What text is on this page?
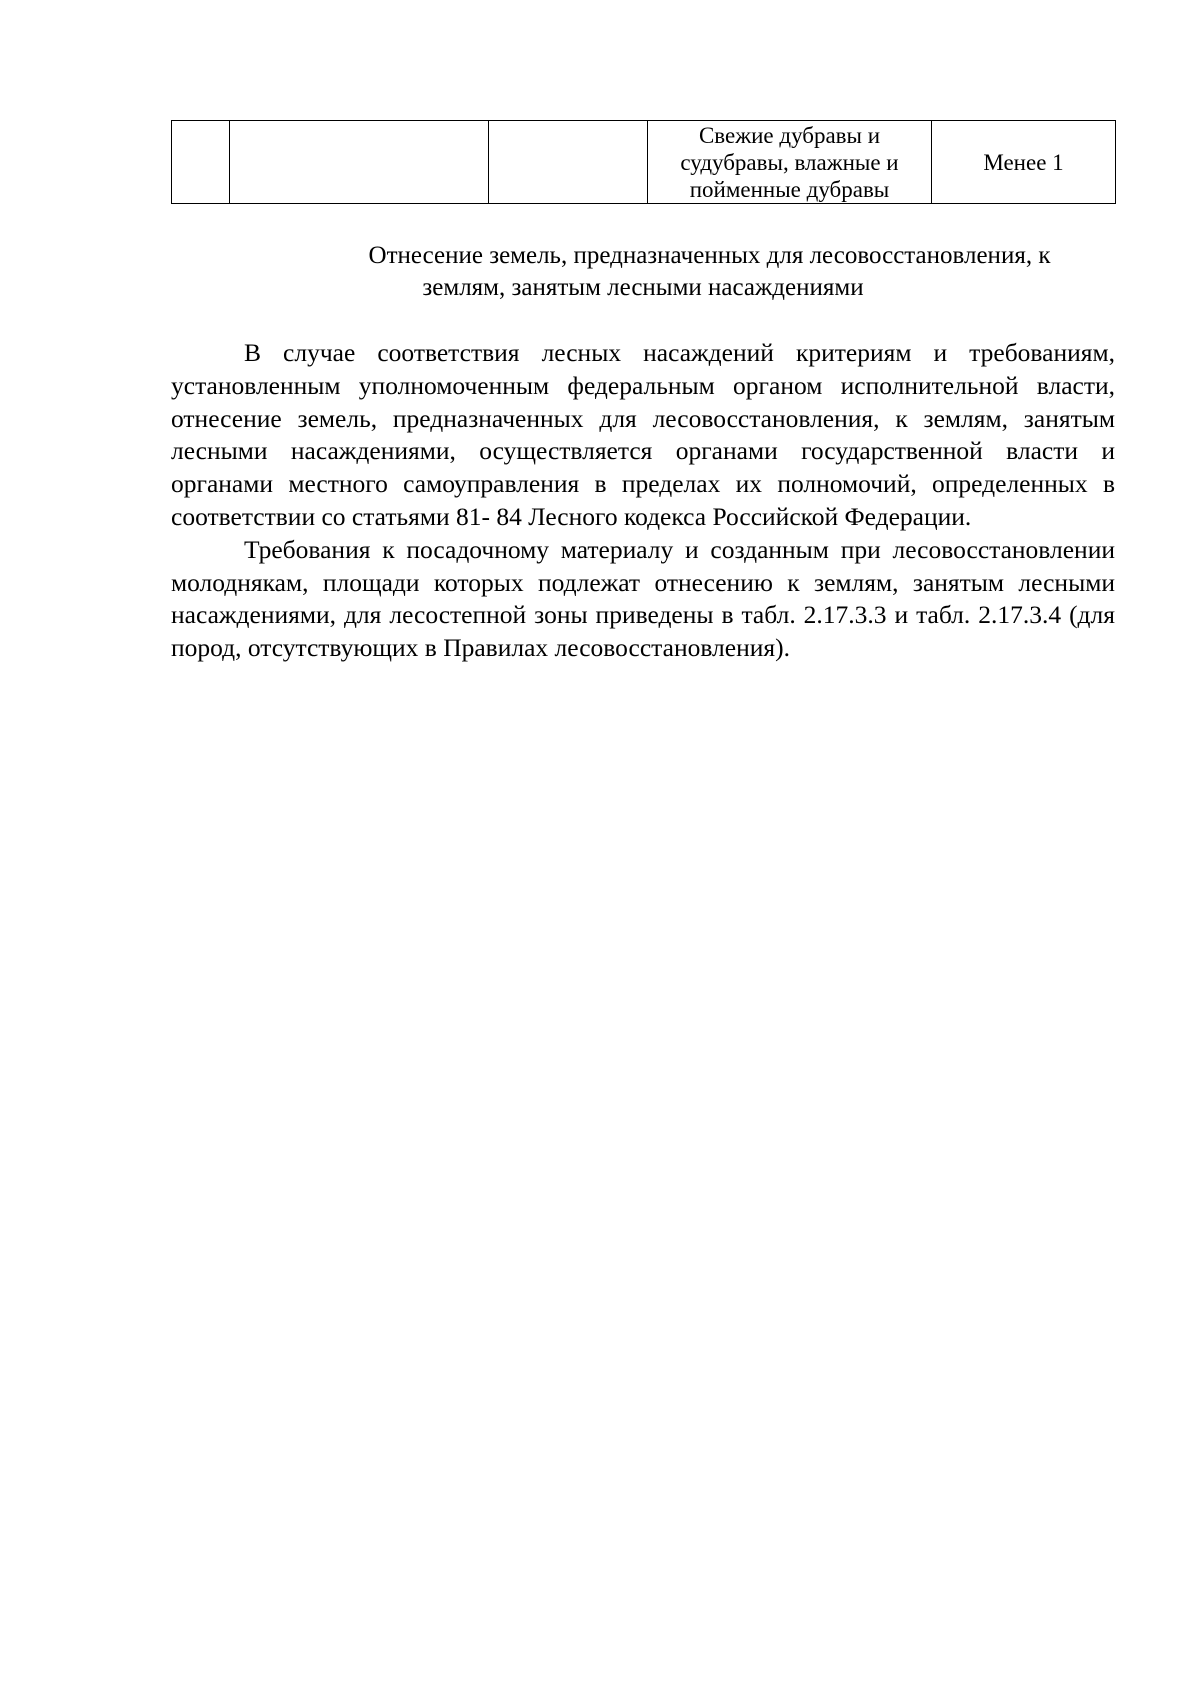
			Свежие дубравы и
судубравы, влажные и
пойменные дубравы	Менее 1
Отнесение земель, предназначенных для лесовосстановления, к
землям, занятым лесными насаждениями

В случае соответствия лесных насаждений критериям и требованиям, установленным уполномоченным федеральным органом исполнительной власти, отнесение земель, предназначенных для лесовосстановления, к землям, занятым лесными насаждениями, осуществляется органами государственной власти и органами местного самоуправления в пределах их полномочий, определенных в соответствии со статьями 81- 84 Лесного кодекса Российской Федерации.

Требования к посадочному материалу и созданным при лесовосстановлении молоднякам, площади которых подлежат отнесению к землям, занятым лесными насаждениями, для лесостепной зоны приведены в табл. 2.17.3.3 и табл. 2.17.3.4 (для пород, отсутствующих в Правилах лесовосстановления).
